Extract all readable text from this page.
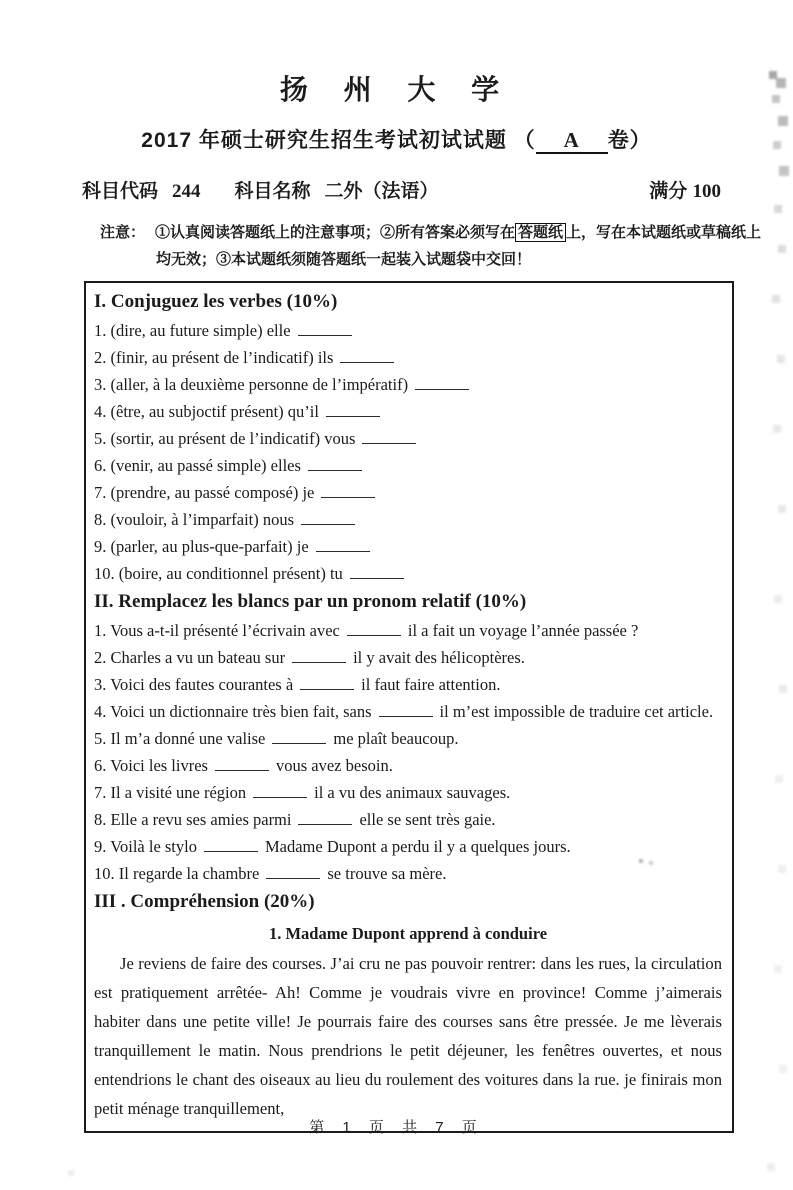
扬 州 大 学
2017 年硕士研究生招生考试初试试题 （ A 卷）
科目代码 244 科目名称 二外（法语）	满分 100
注意： ①认真阅读答题纸上的注意事项；②所有答案必须写在 答题纸 上，写在本试题纸或草稿纸上
均无效；③本试题纸须随答题纸一起装入试题袋中交回！
I. Conjuguez les verbes (10%)
1. (dire, au future simple) elle
2. (finir, au présent de l’indicatif) ils
3. (aller, à la deuxième personne de l’impératif)
4. (être, au subjoctif présent) qu’il
5. (sortir, au présent de l’indicatif) vous
6. (venir, au passé simple) elles
7. (prendre, au passé composé) je
8. (vouloir, à l’imparfait) nous
9. (parler, au plus-que-parfait) je
10. (boire, au conditionnel présent) tu
II. Remplacez les blancs par un pronom relatif (10%)
1. Vous a-t-il présenté l’écrivain avec	il a fait un voyage l’année passée ?
2. Charles a vu un bateau sur	il y avait des hélicoptères.
3. Voici des fautes courantes à	il faut faire attention.
4. Voici un dictionnaire très bien fait, sans	il m’est impossible de traduire cet article.
5. Il m’a donné une valise	me plaît beaucoup.
6. Voici les livres	vous avez besoin.
7. Il a visité une région	il a vu des animaux sauvages.
8. Elle a revu ses amies parmi	elle se sent très gaie.
9. Voilà le stylo	Madame Dupont a perdu il y a quelques jours.
10. Il regarde la chambre	se trouve sa mère.
III . Compréhension (20%)
1. Madame Dupont apprend à conduire
Je reviens de faire des courses. J’ai cru ne pas pouvoir rentrer: dans les rues, la circulation est pratiquement arrêtée- Ah! Comme je voudrais vivre en province! Comme j’aimerais habiter dans une petite ville! Je pourrais faire des courses sans être pressée. Je me lèverais tranquillement le matin. Nous prendrions le petit déjeuner, les fenêtres ouvertes, et nous entendrions le chant des oiseaux au lieu du roulement des voitures dans la rue. je finirais mon petit ménage tranquillement,
第 1 页 共 7 页
